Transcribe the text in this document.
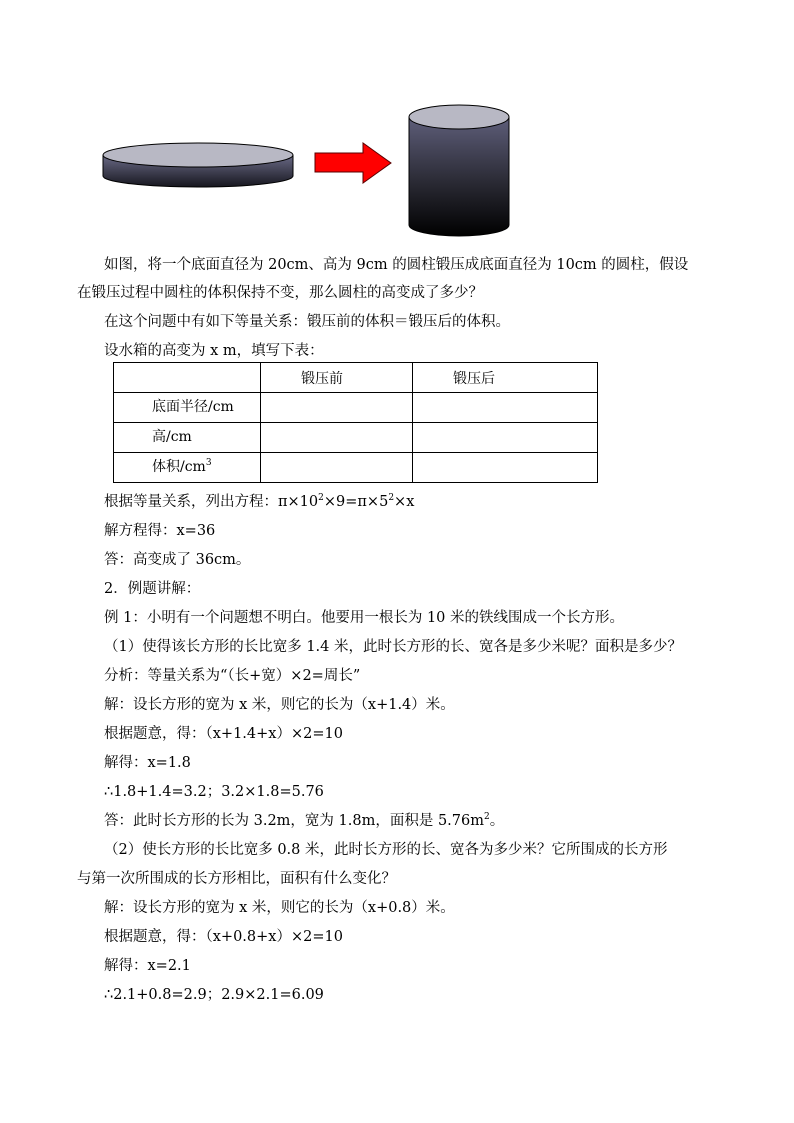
如图，将一个底面直径为 20cm、高为 9cm 的圆柱锻压成底面直径为 10cm 的圆柱，假设
在锻压过程中圆柱的体积保持不变，那么圆柱的高变成了多少？
在这个问题中有如下等量关系：锻压前的体积＝锻压后的体积。
设水箱的高变为 x m，填写下表：
	锻压前	锻压后
底面半径/cm		
高/cm		
体积$/cm^3$		
根据等量关系，列出方程：$\pi\times 10^2\times 9=\pi\times 5^2\times x$
解方程得：x=36
答：高变成了 36cm。
2．例题讲解：
例 1：小明有一个问题想不明白。他要用一根长为 10 米的铁线围成一个长方形。
（1）使得该长方形的长比宽多 1.4 米，此时长方形的长、宽各是多少米呢？面积是多少？
分析：等量关系为“（长+宽）×2=周长”
解：设长方形的宽为 x 米，则它的长为（x+1.4）米。
根据题意，得：（x+1.4+x）×2=10
解得：x=1.8
∴1.8+1.4=3.2；3.2×1.8=5.76
答：此时长方形的长为 3.2m，宽为 1.8m，面积是 $5.76m^2$。
（2）使长方形的长比宽多 0.8 米，此时长方形的长、宽各为多少米？它所围成的长方形
与第一次所围成的长方形相比，面积有什么变化？
解：设长方形的宽为 x 米，则它的长为（x+0.8）米。
根据题意，得：（x+0.8+x）×2=10
解得：x=2.1
∴2.1+0.8=2.9；2.9×2.1=6.09
